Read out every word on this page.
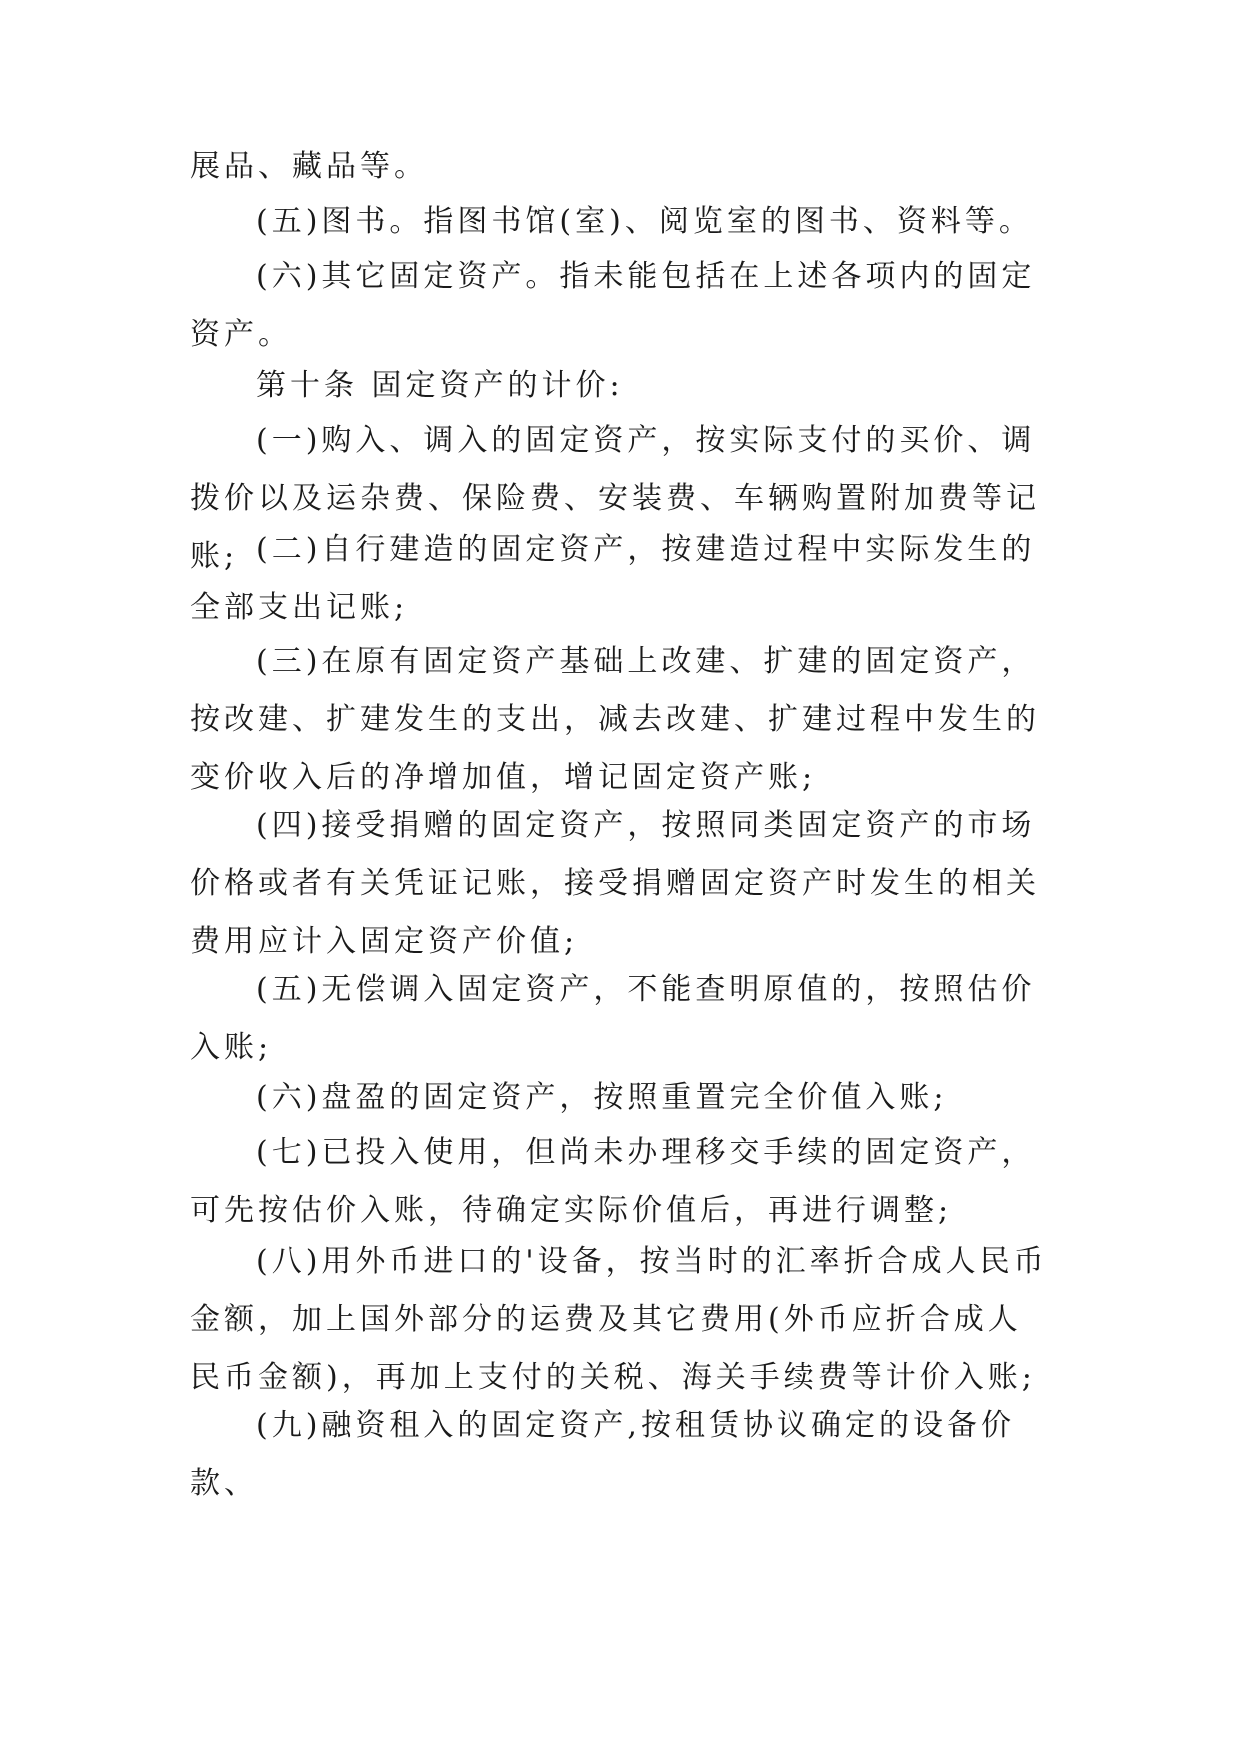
展品、藏品等。

(五)图书。指图书馆(室)、阅览室的图书、资料等。

(六)其它固定资产。指未能包括在上述各项内的固定资产。

第十条 固定资产的计价:

(一)购入、调入的固定资产，按实际支付的买价、调拨价以及运杂费、保险费、安装费、车辆购置附加费等记账; (二)自行建造的固定资产，按建造过程中实际发生的全部支出记账;

(三)在原有固定资产基础上改建、扩建的固定资产，按改建、扩建发生的支出，减去改建、扩建过程中发生的变价收入后的净增加值，增记固定资产账;

(四)接受捐赠的固定资产，按照同类固定资产的市场价格或者有关凭证记账，接受捐赠固定资产时发生的相关费用应计入固定资产价值;

(五)无偿调入固定资产，不能查明原值的，按照估价入账;

(六)盘盈的固定资产，按照重置完全价值入账;

(七)已投入使用，但尚未办理移交手续的固定资产，可先按估价入账，待确定实际价值后，再进行调整;

(八)用外币进口的'设备，按当时的汇率折合成人民币金额，加上国外部分的运费及其它费用(外币应折合成人民币金额)，再加上支付的关税、海关手续费等计价入账;

(九)融资租入的固定资产,按租赁协议确定的设备价款、
